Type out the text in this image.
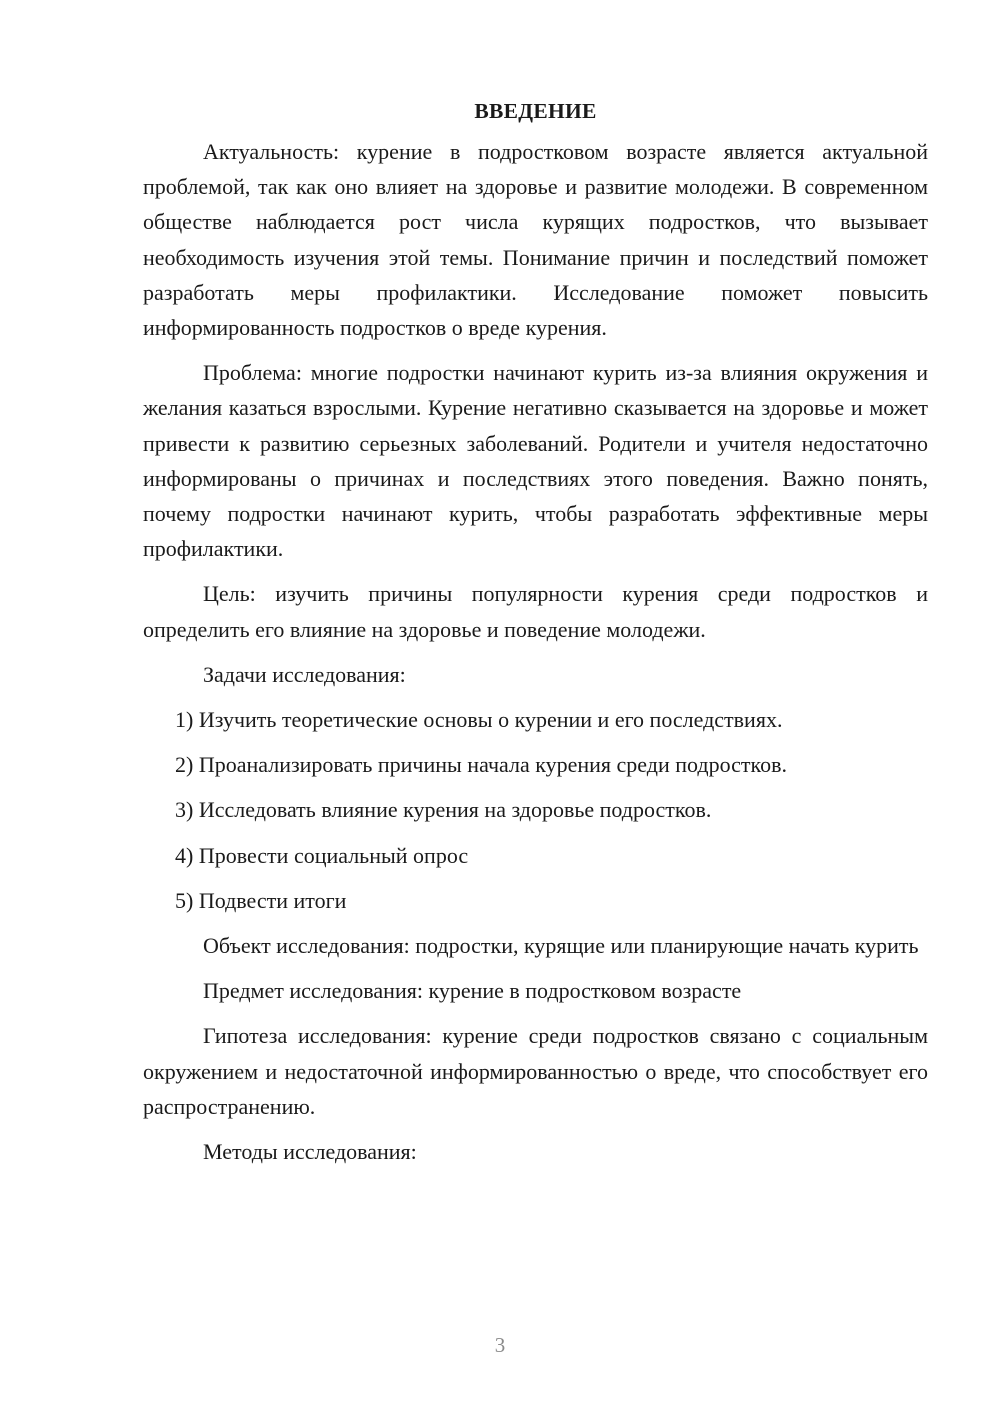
ВВЕДЕНИЕ

Актуальность: курение в подростковом возрасте является актуальной проблемой, так как оно влияет на здоровье и развитие молодежи. В современном обществе наблюдается рост числа курящих подростков, что вызывает необходимость изучения этой темы. Понимание причин и последствий поможет разработать меры профилактики. Исследование поможет повысить информированность подростков о вреде курения.

Проблема: многие подростки начинают курить из-за влияния окружения и желания казаться взрослыми. Курение негативно сказывается на здоровье и может привести к развитию серьезных заболеваний. Родители и учителя недостаточно информированы о причинах и последствиях этого поведения. Важно понять, почему подростки начинают курить, чтобы разработать эффективные меры профилактики.

Цель: изучить причины популярности курения среди подростков и определить его влияние на здоровье и поведение молодежи.

Задачи исследования:

1) Изучить теоретические основы о курении и его последствиях.

2) Проанализировать причины начала курения среди подростков.

3) Исследовать влияние курения на здоровье подростков.

4) Провести социальный опрос

5) Подвести итоги

Объект исследования: подростки, курящие или планирующие начать курить

Предмет исследования: курение в подростковом возрасте

Гипотеза исследования: курение среди подростков связано с социальным окружением и недостаточной информированностью о вреде, что способствует его распространению.

Методы исследования:

3
